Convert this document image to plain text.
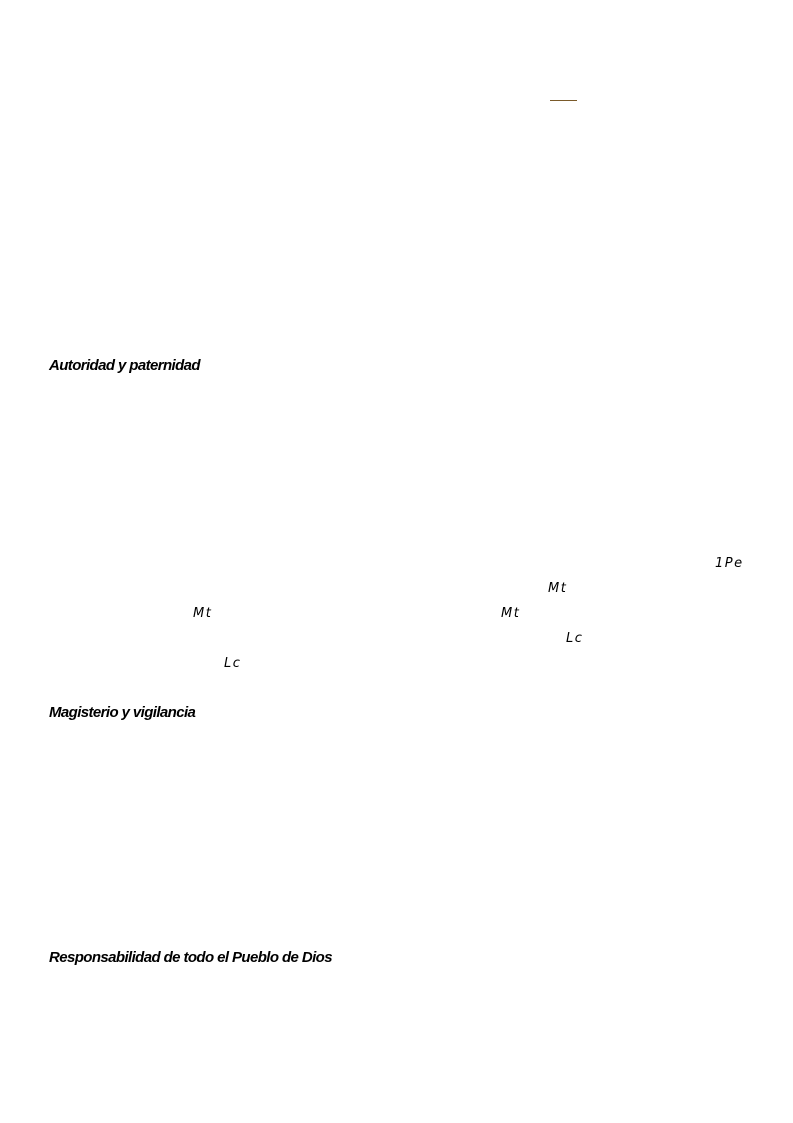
Autoridad y paternidad
1Pe
Mt
Mt	Mt
Lc
Lc
Magisterio y vigilancia
Responsabilidad de todo el Pueblo de Dios
